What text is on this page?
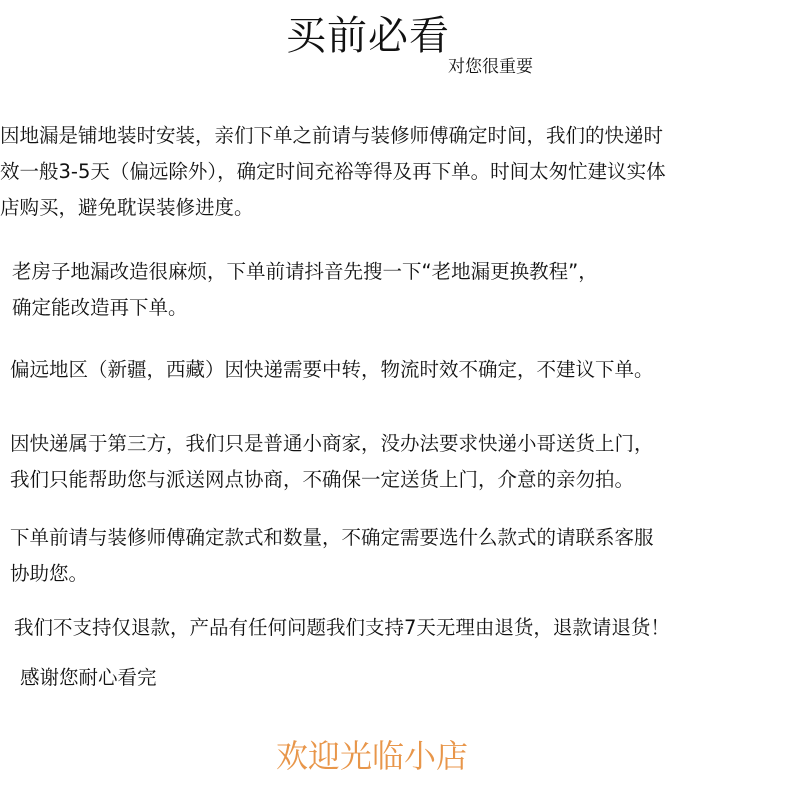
买前必看
对您很重要

因地漏是铺地装时安装，亲们下单之前请与装修师傅确定时间，我们的快递时
效一般3-5天（偏远除外），确定时间充裕等得及再下单。时间太匆忙建议实体
店购买，避免耽误装修进度。

老房子地漏改造很麻烦，下单前请抖音先搜一下“老地漏更换教程”，
确定能改造再下单。

偏远地区（新疆，西藏）因快递需要中转，物流时效不确定，不建议下单。

因快递属于第三方，我们只是普通小商家，没办法要求快递小哥送货上门，
我们只能帮助您与派送网点协商，不确保一定送货上门，介意的亲勿拍。

下单前请与装修师傅确定款式和数量，不确定需要选什么款式的请联系客服
协助您。

我们不支持仅退款，产品有任何问题我们支持7天无理由退货，退款请退货！

感谢您耐心看完

欢迎光临小店
